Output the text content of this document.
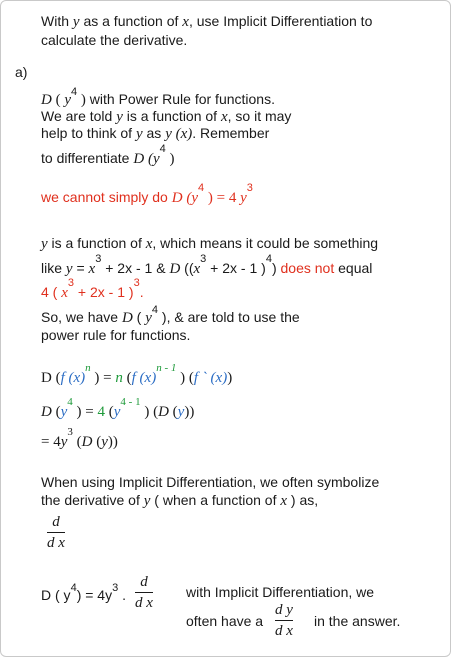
With y as a function of x, use Implicit Differentiation to
calculate the derivative.
a)
D ( $y^4$ ) with Power Rule for functions.
We are told y is a function of x, so it may
help to think of y as y (x). Remember
to differentiate D ($y^4$ )
we cannot simply do D ($y^4$ ) = 4 $y^3$
y is a function of x, which means it could be something
like $y = x^3 + 2x - 1$ & D (($x^3 + 2x - 1$ )$^4$) does not equal
4 ( $x^3 + 2x - 1$ )$^3$.
So, we have D ( $y^4$ ), & are told to use the
power rule for functions.
D (f $(x)^n$ ) = n (f $(x)^{n - 1}$ ) (f ` (x))
D ($y^4$ ) = 4 ($y^{4 - 1}$ ) (D (y))
= $4y^3$ (D (y))
When using Implicit Differentiation, we often symbolize
the derivative of y ( when a function of x ) as,
d
d x
D ( $y^4) = 4y^3$ .
d
d x
with Implicit Differentiation, we
often have a
d y
d x
in the answer.
